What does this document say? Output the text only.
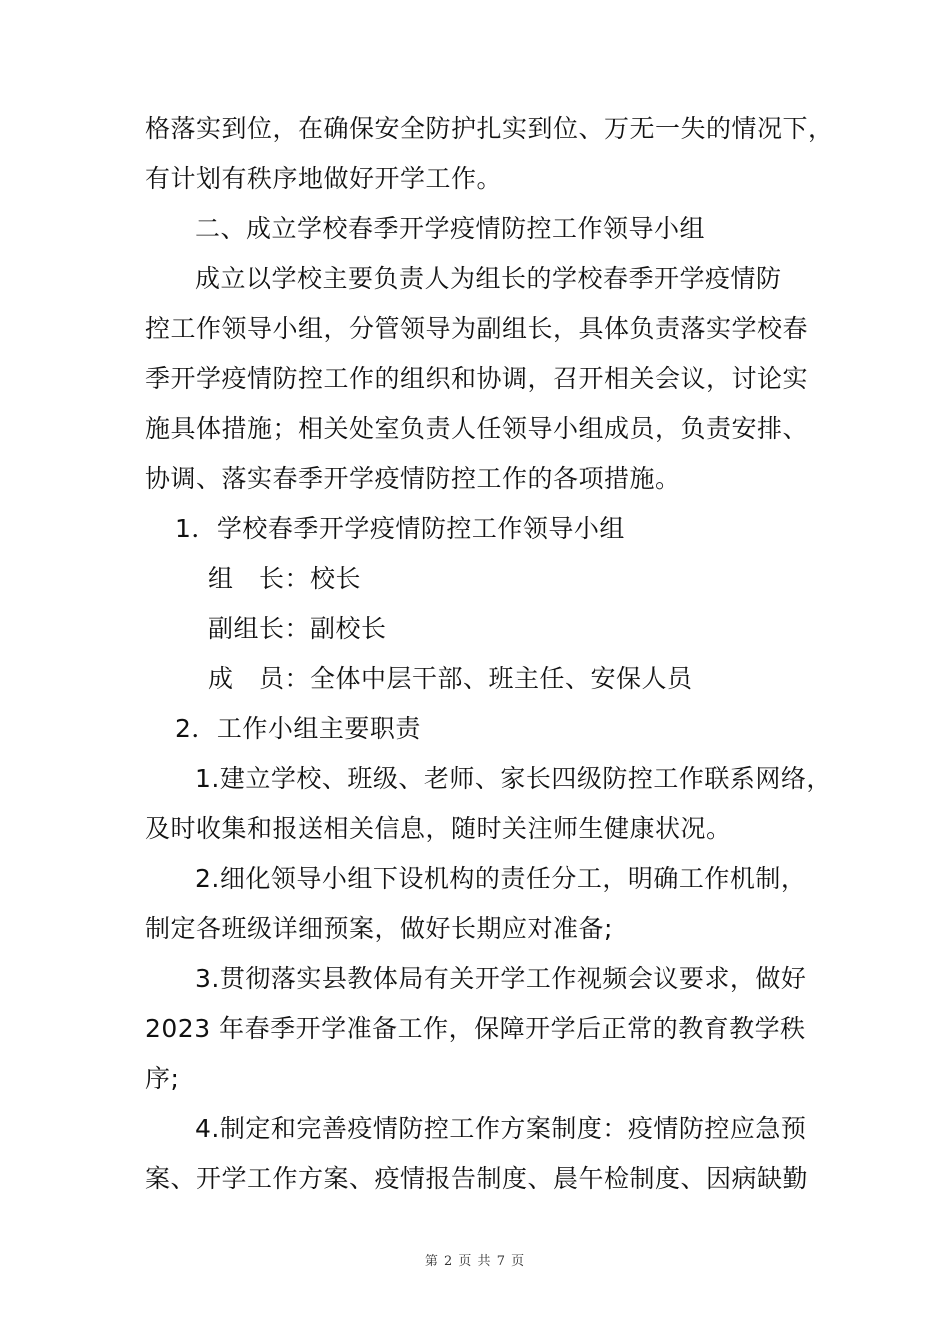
格落实到位，在确保安全防护扎实到位、万无一失的情况下，
有计划有秩序地做好开学工作。
二、成立学校春季开学疫情防控工作领导小组
成立以学校主要负责人为组长的学校春季开学疫情防
控工作领导小组，分管领导为副组长，具体负责落实学校春
季开学疫情防控工作的组织和协调，召开相关会议，讨论实
施具体措施；相关处室负责人任领导小组成员，负责安排、
协调、落实春季开学疫情防控工作的各项措施。
1．学校春季开学疫情防控工作领导小组
组　长：校长
副组长：副校长
成　员：全体中层干部、班主任、安保人员
2．工作小组主要职责
1.建立学校、班级、老师、家长四级防控工作联系网络，
及时收集和报送相关信息，随时关注师生健康状况。
2.细化领导小组下设机构的责任分工，明确工作机制，
制定各班级详细预案，做好长期应对准备;
3.贯彻落实县教体局有关开学工作视频会议要求，做好
2023 年春季开学准备工作，保障开学后正常的教育教学秩
序;
4.制定和完善疫情防控工作方案制度：疫情防控应急预
案、开学工作方案、疫情报告制度、晨午检制度、因病缺勤
第 2 页 共 7 页
